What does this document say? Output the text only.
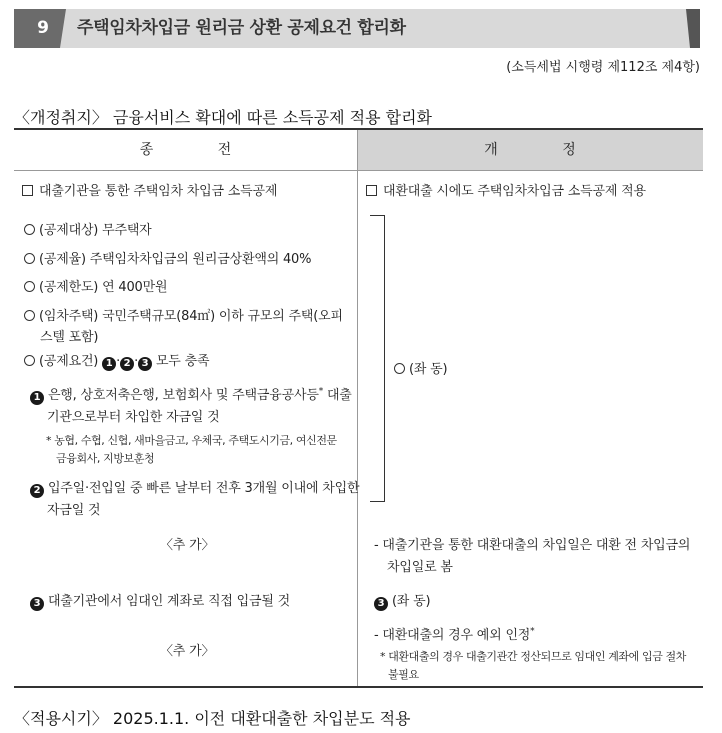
9	주택임차차입금 원리금 상환 공제요건 합리화
(소득세법 시행령 제112조 제4항)
〈개정취지〉 금융서비스 확대에 따른 소득공제 적용 합리화
종 전	개 정
대출기관을 통한 주택임차 차입금 소득공제
(공제대상) 무주택자
(공제율) 주택임차차입금의 원리금상환액의 40%
(공제한도) 연 400만원
(임차주택) 국민주택규모(84㎡) 이하 규모의 주택(오피
스텔 포함)
(공제요건) 1 · 2 · 3 모두 충족
1 은행, 상호저축은행, 보험회사 및 주택금융공사등* 대출
기관으로부터 차입한 자금일 것
* 농협, 수협, 신협, 새마을금고, 우체국, 주택도시기금, 여신전문
금융회사, 지방보훈청
2 입주일·전입일 중 빠른 날부터 전후 3개월 이내에 차입한
자금일 것
〈추 가〉
3 대출기관에서 임대인 계좌로 직접 입금될 것
〈추 가〉
대환대출 시에도 주택임차차입금 소득공제 적용
(좌 동)
- 대출기관을 통한 대환대출의 차입일은 대환 전 차입금의
차입일로 봄
3 (좌 동)
- 대환대출의 경우 예외 인정*
* 대환대출의 경우 대출기관간 정산되므로 임대인 계좌에 입금 절차
불필요
〈적용시기〉 2025.1.1. 이전 대환대출한 차입분도 적용
